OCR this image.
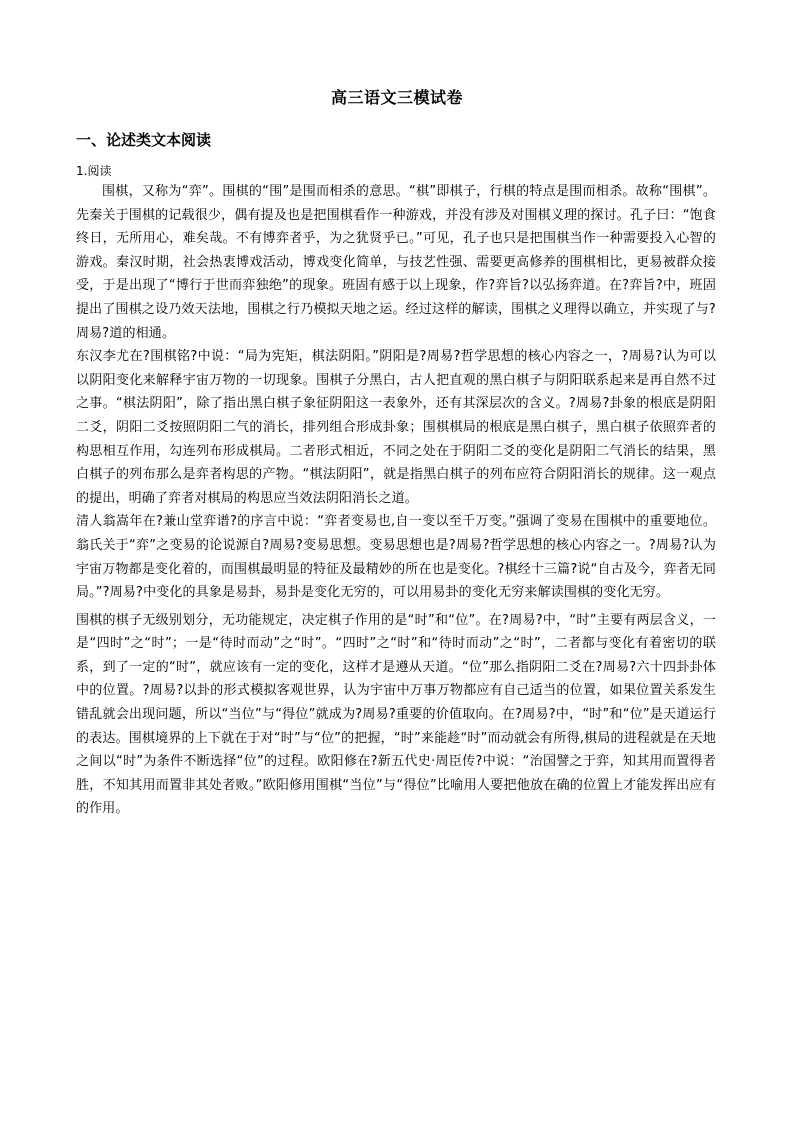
高三语文三模试卷
一、论述类文本阅读
1.阅读

围棋，又称为“弈”。围棋的“围”是围而相杀的意思。“棋”即棋子，行棋的特点是围而相杀。故称“围棋”。先秦关于围棋的记载很少，偶有提及也是把围棋看作一种游戏，并没有涉及对围棋义理的探讨。孔子曰：“饱食终日，无所用心，难矣哉。不有博弈者乎，为之犹贤乎已。”可见，孔子也只是把围棋当作一种需要投入心智的游戏。秦汉时期，社会热衷博戏活动，博戏变化简单，与技艺性强、需要更高修养的围棋相比，更易被群众接受，于是出现了“博行于世而弈独绝”的现象。班固有感于以上现象，作?弈旨?以弘扬弈道。在?弈旨?中，班固提出了围棋之设乃效天法地，围棋之行乃模拟天地之运。经过这样的解读，围棋之义理得以确立，并实现了与?周易?道的相通。

东汉李尤在?围棋铭?中说：“局为宪矩，棋法阴阳。”阴阳是?周易?哲学思想的核心内容之一，?周易?认为可以以阴阳变化来解释宇宙万物的一切现象。围棋子分黑白，古人把直观的黑白棋子与阴阳联系起来是再自然不过之事。“棋法阴阳”，除了指出黑白棋子象征阴阳这一表象外，还有其深层次的含义。?周易?卦象的根底是阴阳二爻，阴阳二爻按照阴阳二气的消长，排列组合形成卦象；围棋棋局的根底是黑白棋子，黑白棋子依照弈者的构思相互作用，勾连列布形成棋局。二者形式相近，不同之处在于阴阳二爻的变化是阴阳二气消长的结果，黑白棋子的列布那么是弈者构思的产物。“棋法阴阳”，就是指黑白棋子的列布应符合阴阳消长的规律。这一观点的提出，明确了弈者对棋局的构思应当效法阴阳消长之道。

清人翁嵩年在?兼山堂弈谱?的序言中说：“弈者变易也,自一变以至千万变。”强调了变易在围棋中的重要地位。翁氏关于“弈”之变易的论说源自?周易?变易思想。变易思想也是?周易?哲学思想的核心内容之一。?周易?认为宇宙万物都是变化着的，而围棋最明显的特征及最精妙的所在也是变化。?棋经十三篇?说“自古及今，弈者无同局。”?周易?中变化的具象是易卦，易卦是变化无穷的，可以用易卦的变化无穷来解读围棋的变化无穷。

围棋的棋子无级别划分，无功能规定，决定棋子作用的是“时”和“位”。在?周易?中，“时”主要有两层含义，一是“四时”之“时”；一是“待时而动”之“时”。“四时”之“时”和“待时而动”之“时”，二者都与变化有着密切的联系，到了一定的“时”，就应该有一定的变化，这样才是遵从天道。“位”那么指阴阳二爻在?周易?六十四卦卦体中的位置。?周易?以卦的形式模拟客观世界，认为宇宙中万事万物都应有自己适当的位置，如果位置关系发生错乱就会出现问题，所以“当位”与“得位”就成为?周易?重要的价值取向。在?周易?中，“时”和“位”是天道运行的表达。围棋境界的上下就在于对“时”与“位”的把握，“时”来能趁“时”而动就会有所得,棋局的进程就是在天地之间以“时”为条件不断选择“位”的过程。欧阳修在?新五代史·周臣传?中说：“治国譬之于弈，知其用而置得者胜，不知其用而置非其处者败。”欧阳修用围棋“当位”与“得位”比喻用人要把他放在确的位置上才能发挥出应有的作用。
